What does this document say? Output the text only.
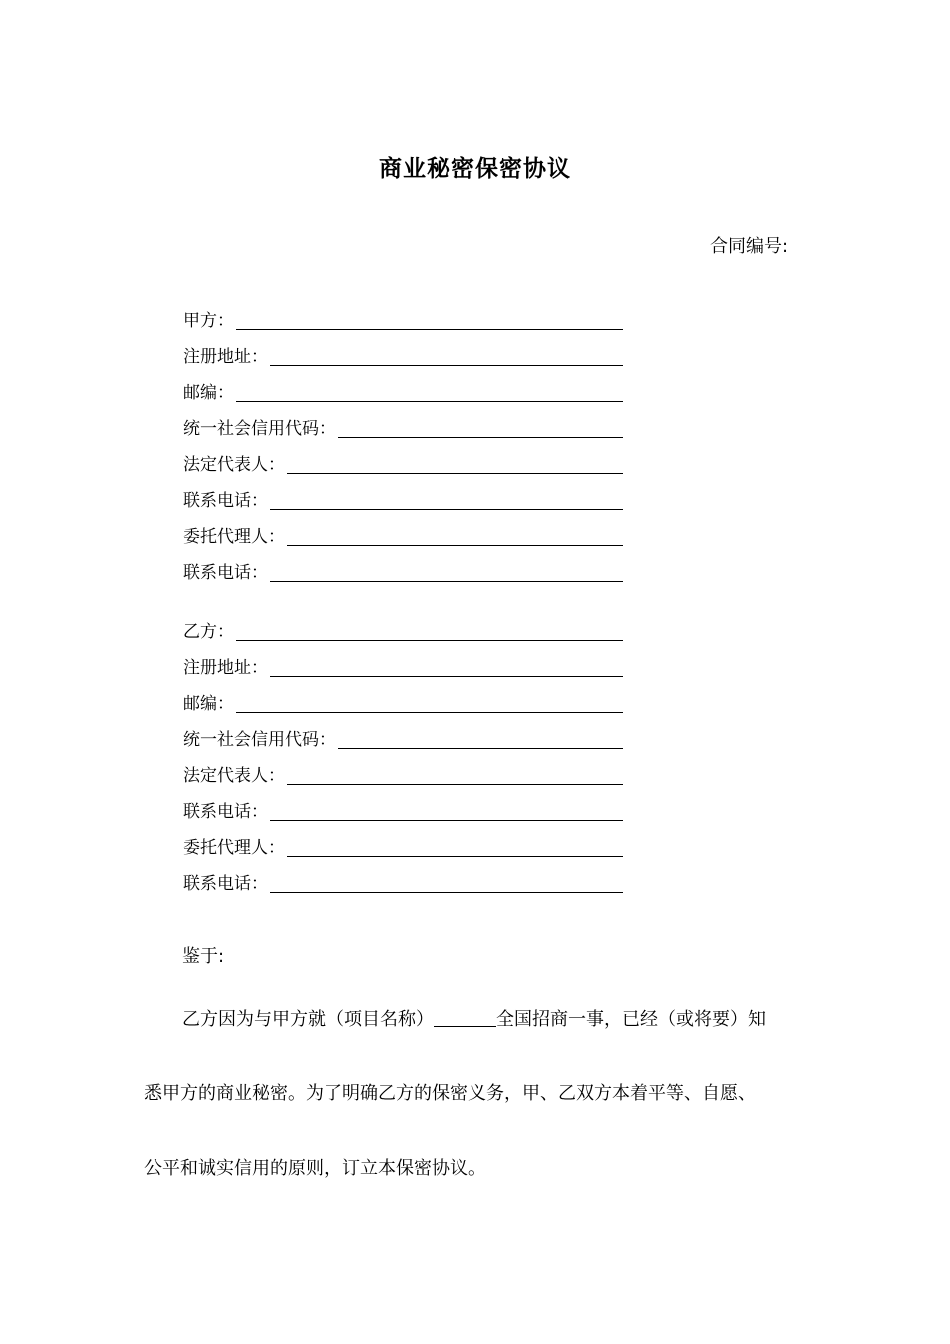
商业秘密保密协议
合同编号:
甲方：
注册地址：
邮编：
统一社会信用代码：
法定代表人：
联系电话：
委托代理人：
联系电话：
乙方：
注册地址：
邮编：
统一社会信用代码：
法定代表人：
联系电话：
委托代理人：
联系电话：
鉴于:
乙方因为与甲方就（项目名称）	全国招商一事，已经（或将要）知
悉甲方的商业秘密。为了明确乙方的保密义务，甲、乙双方本着平等、自愿、
公平和诚实信用的原则，订立本保密协议。
